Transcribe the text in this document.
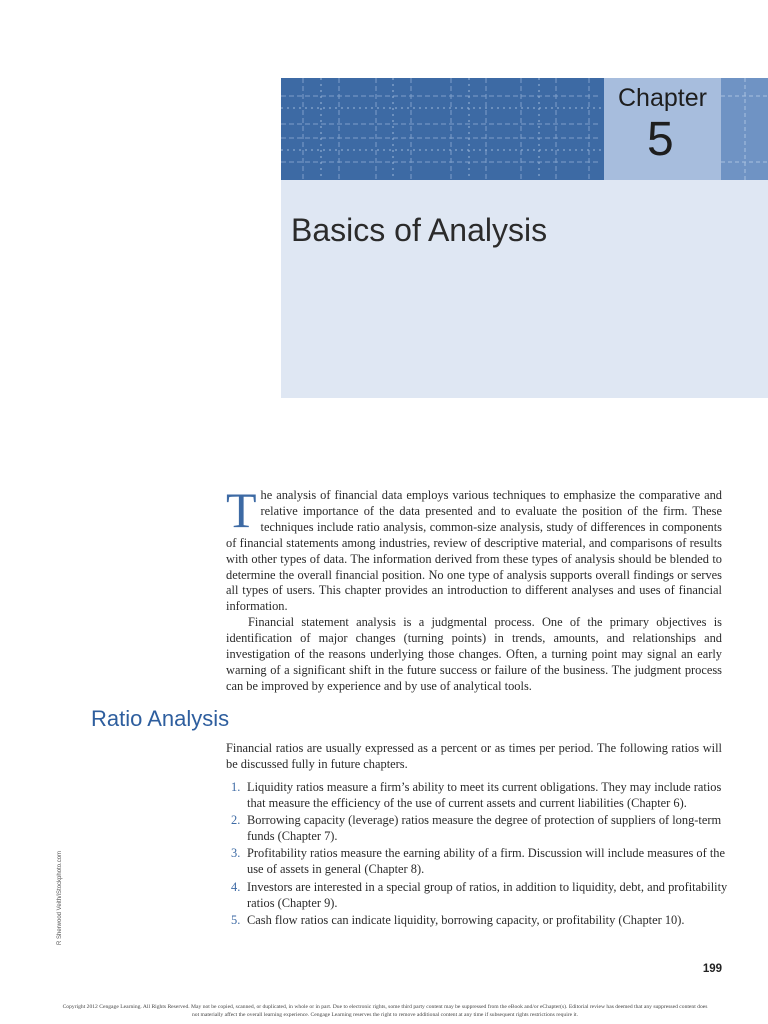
Chapter
5
Basics of Analysis

The analysis of financial data employs various techniques to emphasize the comparative and relative importance of the data presented and to evaluate the position of the firm. These techniques include ratio analysis, common-size analysis, study of differences in components of financial statements among industries, review of descriptive material, and comparisons of results with other types of data. The information derived from these types of analysis should be blended to determine the overall financial position. No one type of analysis supports overall findings or serves all types of users. This chapter provides an introduction to different analyses and uses of financial information.

Financial statement analysis is a judgmental process. One of the primary objectives is identification of major changes (turning points) in trends, amounts, and relationships and investigation of the reasons underlying those changes. Often, a turning point may signal an early warning of a significant shift in the future success or failure of the business. The judgment process can be improved by experience and by use of analytical tools.

Ratio Analysis
Financial ratios are usually expressed as a percent or as times per period. The following ratios will be discussed fully in future chapters.
1. Liquidity ratios measure a firm’s ability to meet its current obligations. They may include ratios that measure the efficiency of the use of current assets and current liabilities (Chapter 6).
2. Borrowing capacity (leverage) ratios measure the degree of protection of suppliers of long-term funds (Chapter 7).
3. Profitability ratios measure the earning ability of a firm. Discussion will include measures of the use of assets in general (Chapter 8).
4. Investors are interested in a special group of ratios, in addition to liquidity, debt, and profitability ratios (Chapter 9).
5. Cash flow ratios can indicate liquidity, borrowing capacity, or profitability (Chapter 10).
R Sherwood Veith/iStockphoto.com
199
Copyright 2012 Cengage Learning. All Rights Reserved. May not be copied, scanned, or duplicated, in whole or in part. Due to electronic rights, some third party content may be suppressed from the eBook and/or eChapter(s). Editorial review has deemed that any suppressed content does not materially affect the overall learning experience. Cengage Learning reserves the right to remove additional content at any time if subsequent rights restrictions require it.
